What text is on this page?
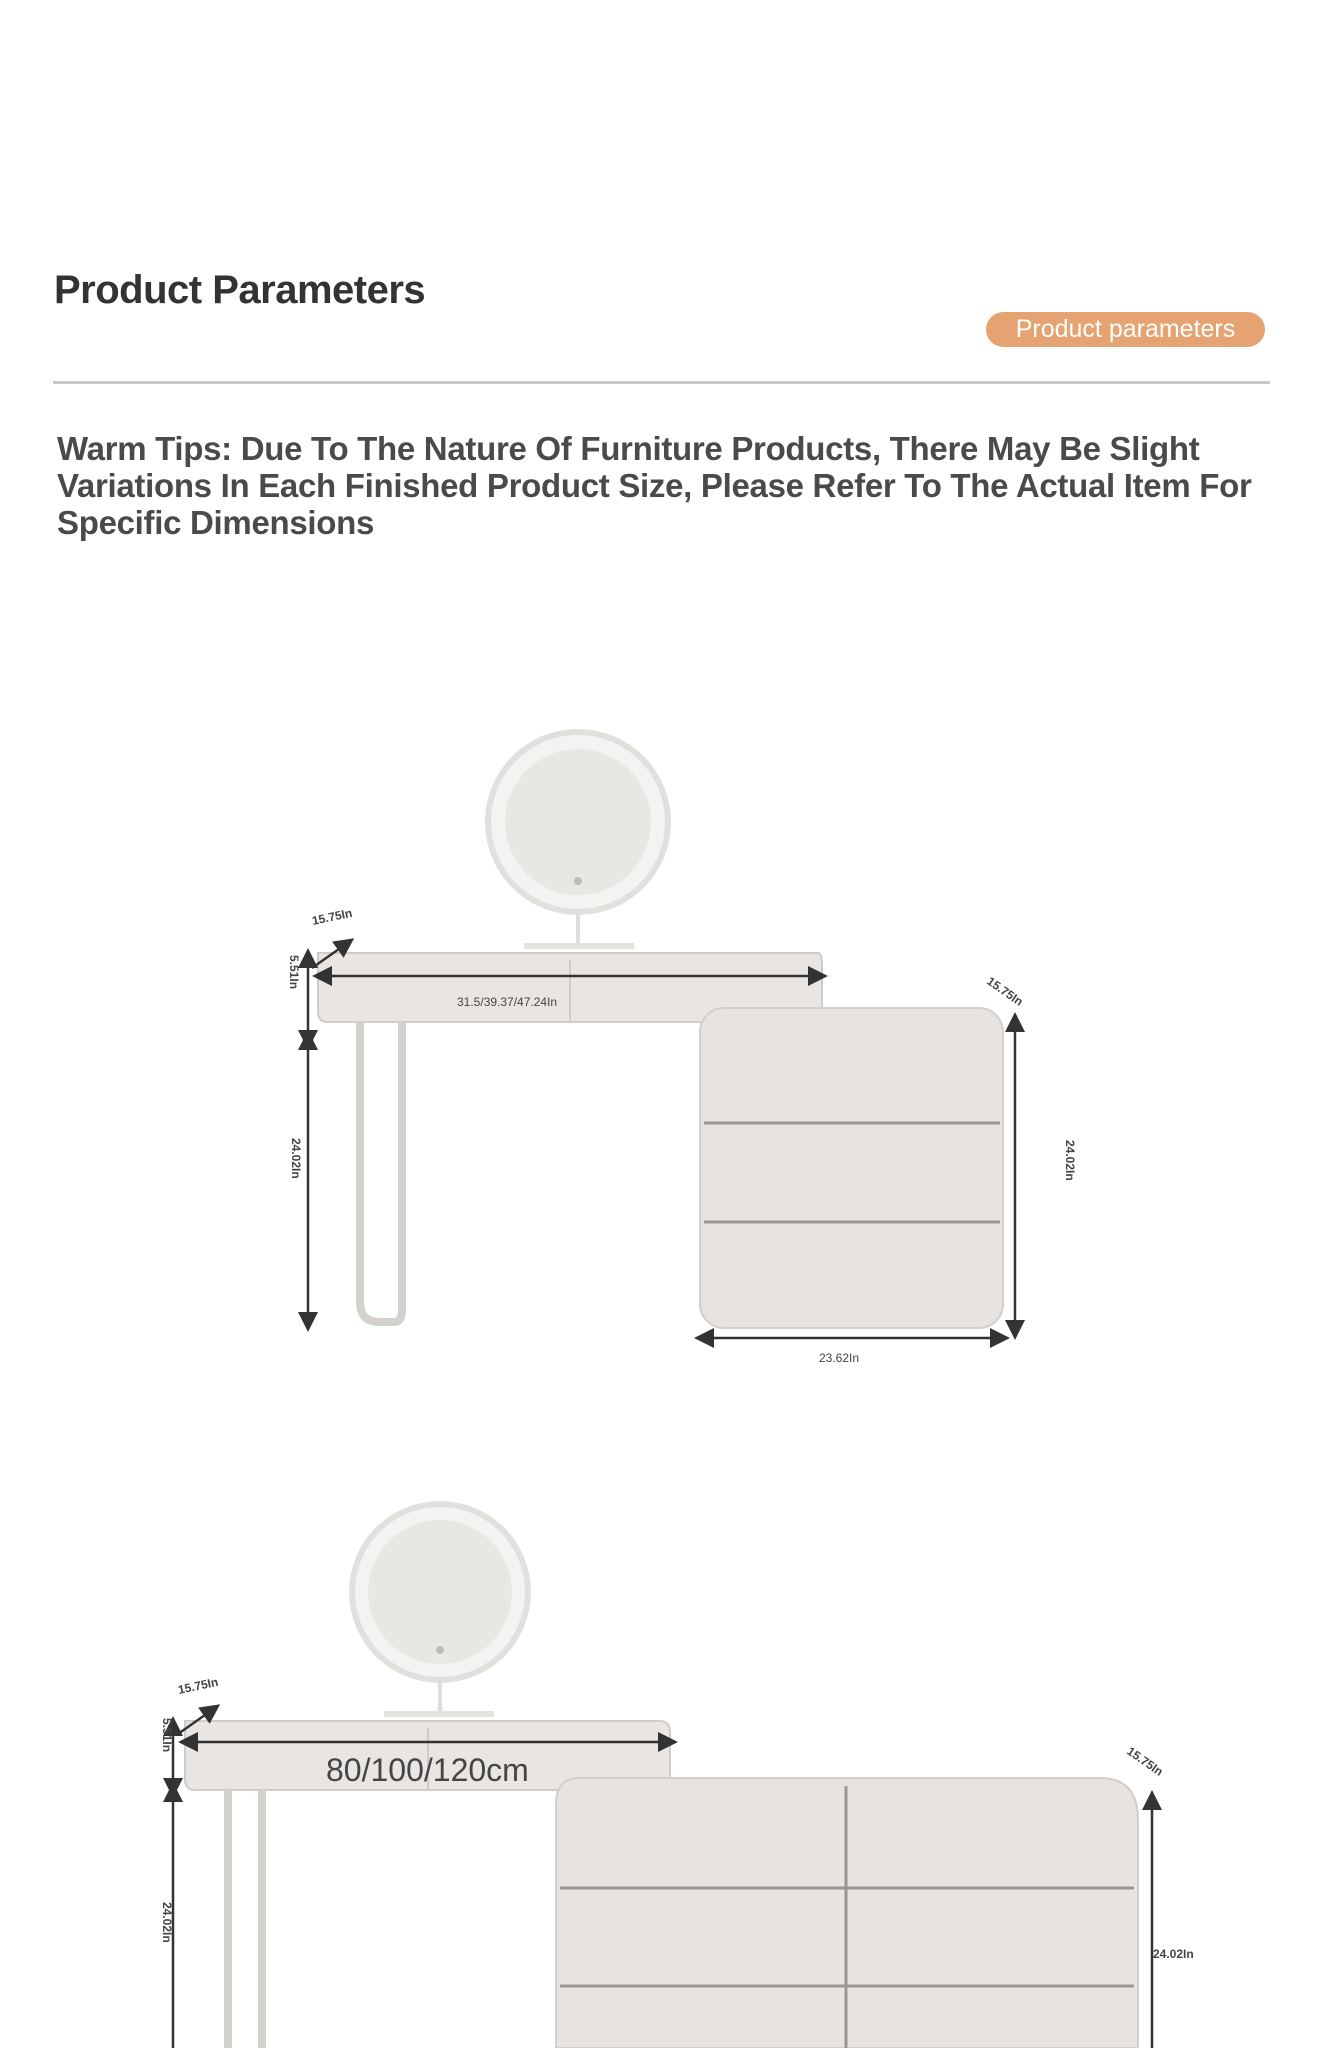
Product Parameters
Product parameters
Warm Tips: Due To The Nature Of Furniture Products, There May Be Slight Variations In Each Finished Product Size, Please Refer To The Actual Item For Specific Dimensions
15.75In
5.51In
31.5/39.37/47.24In
24.02In
15.75In
24.02In
23.62In
15.75In
5.51In
80/100/120cm
24.02In
15.75In
24.02In
